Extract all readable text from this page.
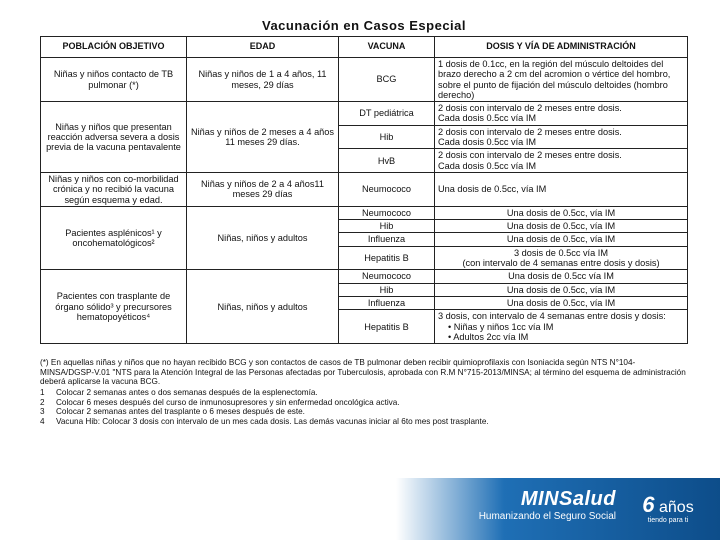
Vacunación en Casos Especial
POBLACIÓN OBJETIVO	EDAD	VACUNA	DOSIS Y VÍA DE ADMINISTRACIÓN
Niñas y niños contacto de TB pulmonar (*)	Niñas y niños de 1 a 4 años, 11 meses, 29 días	BCG	1 dosis de 0.1cc, en la región del músculo deltoides del brazo derecho a 2 cm del acromion o vértice del hombro, sobre el punto de fijación del músculo deltoides (hombro derecho)
Niñas y niños que presentan reacción adversa severa a dosis previa de la vacuna pentavalente	Niñas y niños de 2 meses a 4 años 11 meses 29 días.	DT pediátrica	2 dosis con intervalo de 2 meses entre dosis.
Cada dosis 0.5cc vía IM
		Hib	2 dosis con intervalo de 2 meses entre dosis.
Cada dosis 0.5cc vía IM
		HvB	2 dosis con intervalo de 2 meses entre dosis.
Cada dosis 0.5cc vía IM
Niñas y niños con co-morbilidad crónica y no recibió la vacuna según esquema y edad.	Niñas y niños de 2 a 4 años11 meses 29 días	Neumococo	Una dosis de 0.5cc, vía IM
Pacientes asplénicos¹ y oncohematológicos²	Niñas, niños y adultos	Neumococo	Una dosis de 0.5cc, vía IM
		Hib	Una dosis de 0.5cc, vía IM
		Influenza	Una dosis de 0.5cc, vía IM
		Hepatitis B	3 dosis de 0.5cc vía IM
(con intervalo de 4 semanas entre dosis y dosis)
Pacientes con trasplante de órgano sólido³ y precursores hematopoyéticos⁴	Niñas, niños y adultos	Neumococo	Una dosis de 0.5cc vía IM
		Hib	Una dosis de 0.5cc, vía IM
		Influenza	Una dosis de 0.5cc, vía IM
		Hepatitis B	3 dosis, con intervalo de 4 semanas entre dosis y dosis:
• Niñas y niños 1cc vía IM
• Adultos 2cc vía IM
(*) En aquellas niñas y niños que no hayan recibido BCG y son contactos de casos de TB pulmonar deben recibir quimioprofilaxis con Isoniacida según NTS N°104-MINSA/DGSP-V.01 "NTS para la Atención Integral de las Personas afectadas por Tuberculosis, aprobada con R.M N°715-2013/MINSA; al término del esquema de administración deberá aplicarse la vacuna BCG.
1	Colocar 2 semanas antes o dos semanas después de la esplenectomía.
2	Colocar 6 meses después del curso de inmunosupresores y sin enfermedad oncológica activa.
3	Colocar 2 semanas antes del trasplante o 6 meses después de este.
4	Vacuna Hib: Colocar 3 dosis con intervalo de un mes cada dosis. Las demás vacunas iniciar al 6to mes post trasplante.
MINSalud
Humanizando el Seguro Social 6 años
tiendo para ti
